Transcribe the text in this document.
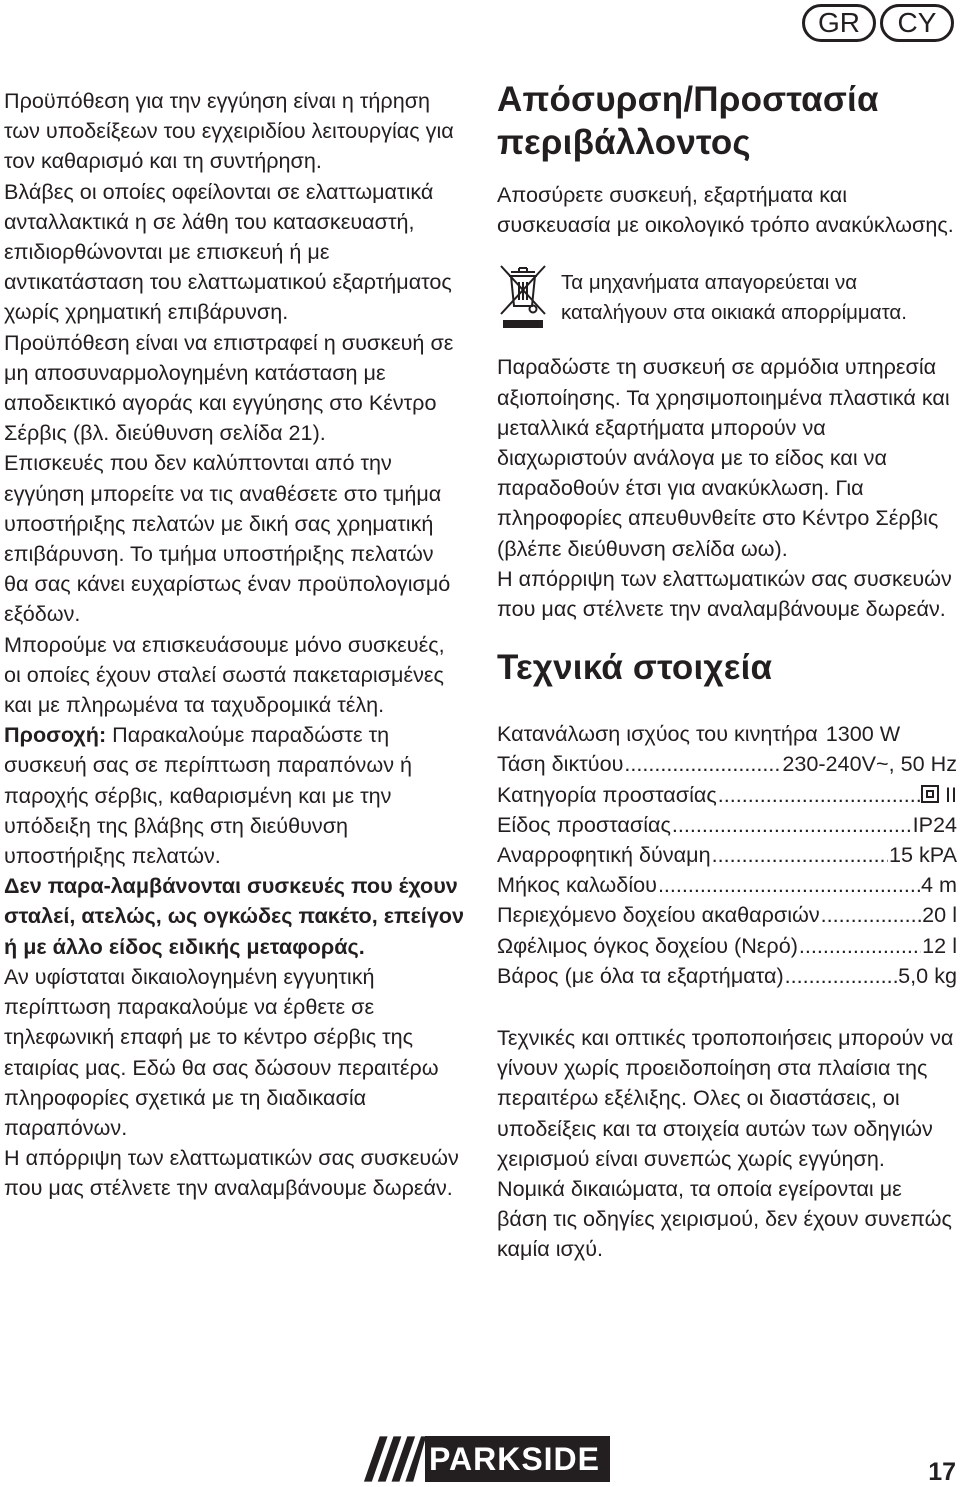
GR	CY

Προϋπόθεση για την εγγύηση είναι η τήρηση των υποδείξεων του εγχειριδίου λειτουργίας για τον καθαρισμό και τη συντήρηση.

Βλάβες οι οποίες οφείλονται σε ελαττωματικά ανταλλακτικά η σε λάθη του κατασκευαστή, επιδιορθώνονται με επισκευή ή με αντικατάσταση του ελαττωματικού εξαρτήματος χωρίς χρηματική επιβάρυνση.

Προϋπόθεση είναι να επιστραφεί η συσκευή σε μη αποσυναρμολογημένη κατάσταση με αποδεικτικό αγοράς και εγγύησης στο Κέντρο Σέρβις (βλ. διεύθυνση σελίδα 21).

Επισκευές που δεν καλύπτονται από την εγγύηση μπορείτε να τις αναθέσετε στο τμήμα υποστήριξης πελατών με δική σας χρηματική επιβάρυνση. Το τμήμα υποστήριξης πελατών θα σας κάνει ευχαρίστως έναν προϋπολογισμό εξόδων.

Μπορούμε να επισκευάσουμε μόνο συσκευές, οι οποίες έχουν σταλεί σωστά πακεταρισμένες και με πληρωμένα τα ταχυδρομικά τέλη.

Προσοχή: Παρακαλούμε παραδώστε τη συσκευή σας σε περίπτωση παραπόνων ή παροχής σέρβις, καθαρισμένη και με την υπόδειξη της βλάβης στη διεύθυνση υποστήριξης πελατών.

Δεν παρα-λαμβάνονται συσκευές που έχουν σταλεί, ατελώς, ως ογκώδες πακέτο, επείγον ή με άλλο είδος ειδικής μεταφοράς.

Αν υφίσταται δικαιολογημένη εγγυητική περίπτωση παρακαλούμε να έρθετε σε τηλεφωνική επαφή με το κέντρο σέρβις της εταιρίας μας. Εδώ θα σας δώσουν περαιτέρω πληροφορίες σχετικά με τη διαδικασία παραπόνων.

Η απόρριψη των ελαττωματικών σας συσκευών που μας στέλνετε την αναλαμβάνουμε δωρεάν.

Απόσυρση/Προστασία περιβάλλοντος

Αποσύρετε συσκευή, εξαρτήματα και συσκευασία με οικολογικό τρόπο ανακύκλωσης.

Τα μηχανήματα απαγορεύεται να καταλήγουν στα οικιακά απορρίμματα.

Παραδώστε τη συσκευή σε αρμόδια υπηρεσία αξιοποίησης. Τα χρησιμοποιημένα πλαστικά και μεταλλικά εξαρτήματα μπορούν να διαχωριστούν ανάλογα με το είδος και να παραδοθούν έτσι για ανακύκλωση. Για πληροφορίες απευθυνθείτε στο Κέντρο Σέρβις (βλέπε διεύθυνση σελίδα ωω).

Η απόρριψη των ελαττωματικών σας συσκευών που μας στέλνετε την αναλαμβάνουμε δωρεάν.

Τεχνικά στοιχεία
Κατανάλωση ισχύος του κινητήρα 1300 W
Τάση δικτύου .....	230-240V~, 50 Hz
Κατηγορία προστασίας .....	II
Είδος προστασίας .....	IP24
Αναρροφητική δύναμη .....	15 kPA
Μήκος καλωδίου .....	4 m
Περιεχόμενο δοχείου ακαθαρσιών .....	20 l
Ωφέλιμος όγκος δοχείου (Νερό) .....	12 l
Βάρος (με όλα τα εξαρτήματα) .....	5,0 kg

Τεχνικές και οπτικές τροποποιήσεις μπορούν να γίνουν χωρίς προειδοποίηση στα πλαίσια της περαιτέρω εξέλιξης. Ολες οι διαστάσεις, οι υποδείξεις και τα στοιχεία αυτών των οδηγιών χειρισμού είναι συνεπώς χωρίς εγγύηση. Νομικά δικαιώματα, τα οποία εγείρονται με βάση τις οδηγίες χειρισμού, δεν έχουν συνεπώς καμία ισχύ.

PARKSIDE	17
